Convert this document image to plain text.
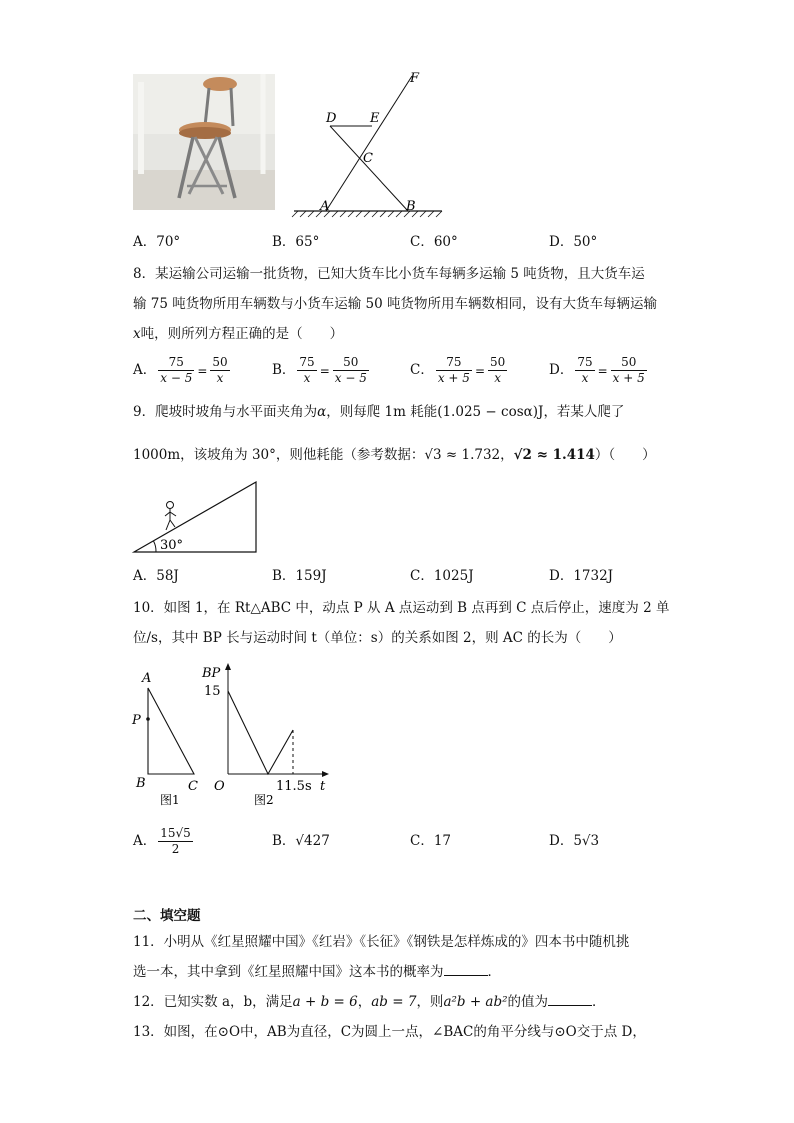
F
D	E
C
A	B
A．70°	B．65°	C．60°	D．50°
8．某运输公司运输一批货物，已知大货车比小货车每辆多运输 5 吨货物，且大货车运
输 75 吨货物所用车辆数与小货车运输 50 吨货物所用车辆数相同，设有大货车每辆运输
x吨，则所列方程正确的是（　　）
A． $\frac{75}{x - 5} = \frac{50}{x}$	B． $\frac{75}{x} = \frac{50}{x - 5}$	C． $\frac{75}{x + 5} = \frac{50}{x}$	D． $\frac{75}{x} = \frac{50}{x + 5}$
9．爬坡时坡角与水平面夹角为α，则每爬 1m 耗能(1.025 − cosα)J，若某人爬了
1000m，该坡角为 30°，则他耗能（参考数据：√3 ≈ 1.732，√2 ≈ 1.414）（　　）
30°
A．58J	B．159J	C．1025J	D．1732J
10．如图 1，在 Rt△ABC 中，动点 P 从 A 点运动到 B 点再到 C 点后停止，速度为 2 单
位/s，其中 BP 长与运动时间 t（单位：s）的关系如图 2，则 AC 的长为（　　）
A
P
B	C
图1
BP
15
O	11.5s t
图2
A． $\frac{15√5}{2}$	B．√427	C．17	D．5√3
二、填空题
11．小明从《红星照耀中国》《红岩》《长征》《钢铁是怎样炼成的》四本书中随机挑
选一本，其中拿到《红星照耀中国》这本书的概率为	．
12．已知实数 a，b，满足a + b = 6，ab = 7，则a²b + ab²的值为	．
13．如图，在⊙O中，AB为直径，C为圆上一点，∠BAC的角平分线与⊙O交于点 D，
